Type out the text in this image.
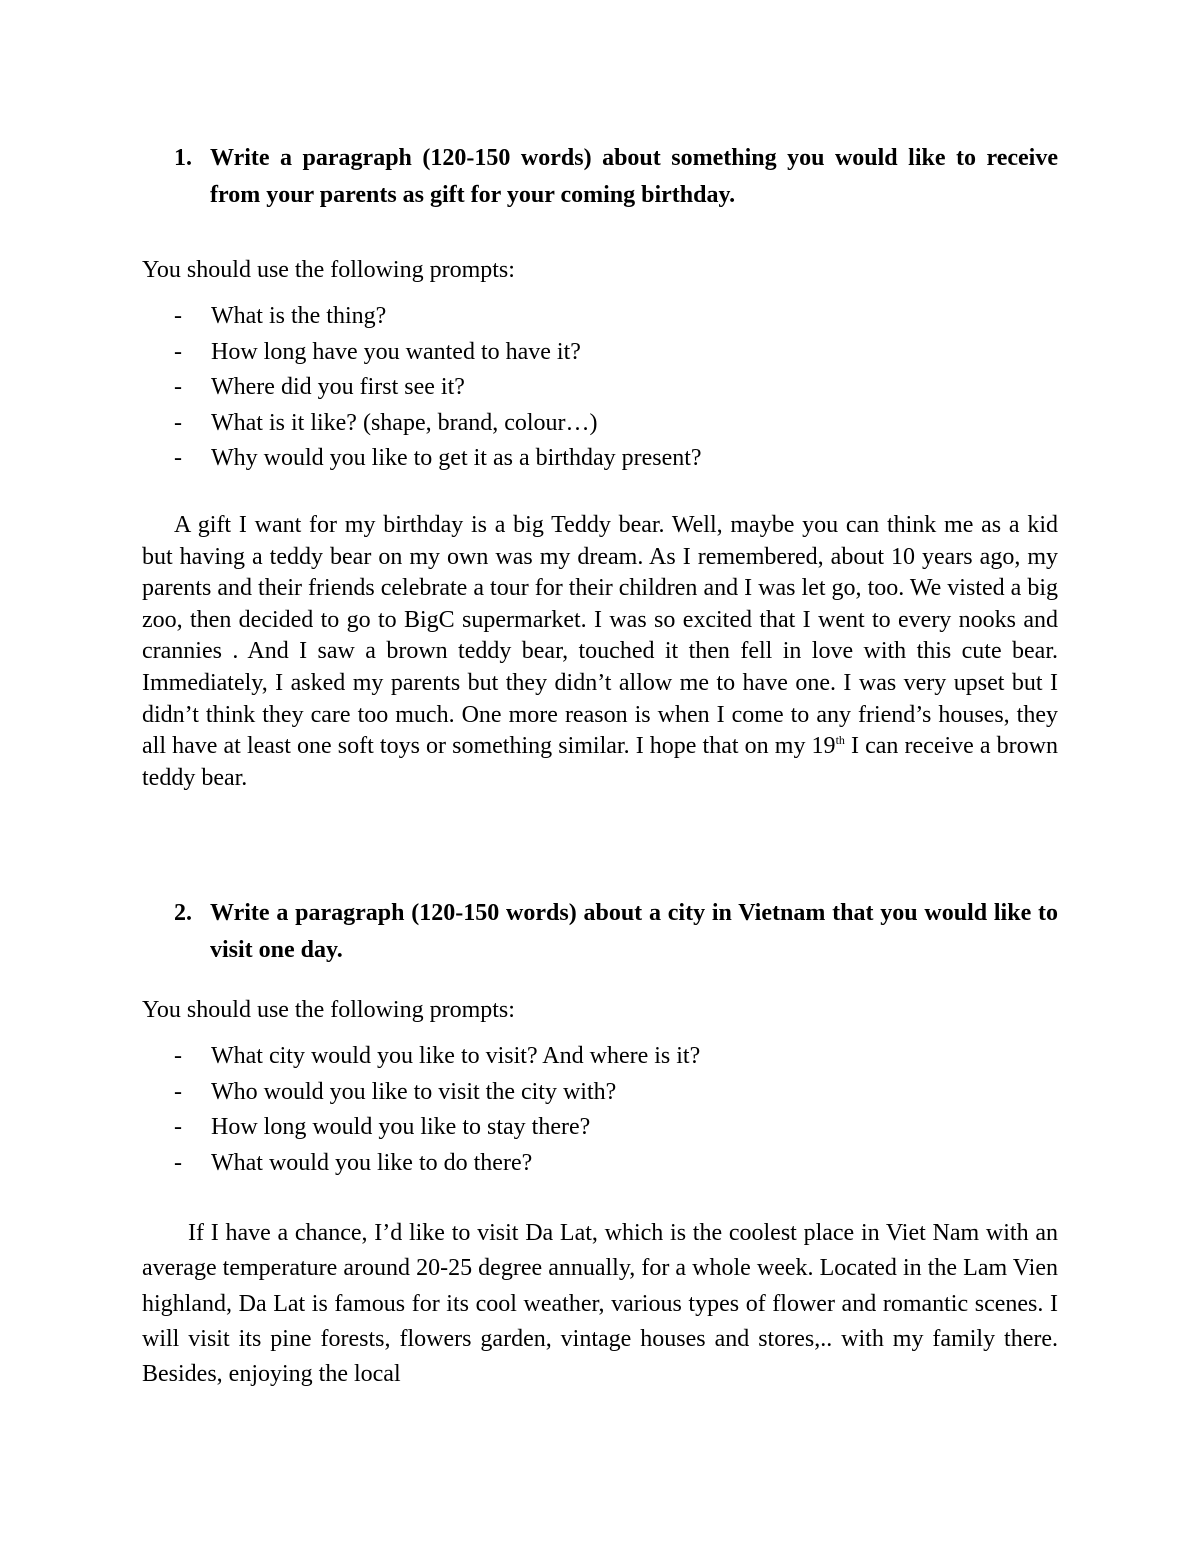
1. Write a paragraph (120-150 words) about something you would like to receive from your parents as gift for your coming birthday.

You should use the following prompts:

-	What is the thing?
-	How long have you wanted to have it?
-	Where did you first see it?
-	What is it like? (shape, brand, colour…)
-	Why would you like to get it as a birthday present?

A gift I want for my birthday is a big Teddy bear. Well, maybe you can think me as a kid but having a teddy bear on my own was my dream. As I remembered, about 10 years ago, my parents and their friends celebrate a tour for their children and I was let go, too. We visted a big zoo, then decided to go to BigC supermarket. I was so excited that I went to every nooks and crannies . And I saw a brown teddy bear, touched it then fell in love with this cute bear. Immediately, I asked my parents but they didn’t allow me to have one. I was very upset but I didn’t think they care too much. One more reason is when I come to any friend’s houses, they all have at least one soft toys or something similar. I hope that on my 19th I can receive a brown teddy bear.

2. Write a paragraph (120-150 words) about a city in Vietnam that you would like to visit one day.

You should use the following prompts:

-	What city would you like to visit? And where is it?
-	Who would you like to visit the city with?
-	How long would you like to stay there?
-	What would you like to do there?

If I have a chance, I’d like to visit Da Lat, which is the coolest place in Viet Nam with an average temperature around 20-25 degree annually, for a whole week. Located in the Lam Vien highland, Da Lat is famous for its cool weather, various types of flower and romantic scenes. I will visit its pine forests, flowers garden, vintage houses and stores,.. with my family there. Besides, enjoying the local
